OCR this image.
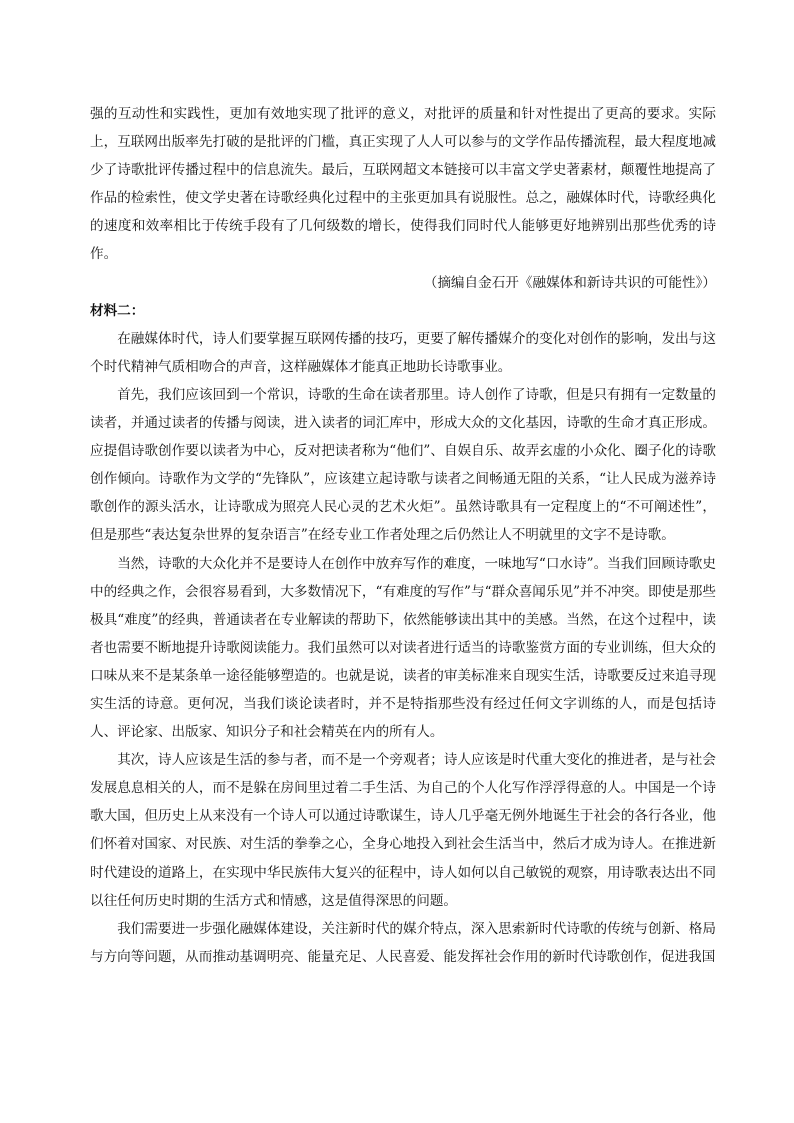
强的互动性和实践性，更加有效地实现了批评的意义，对批评的质量和针对性提出了更高的要求。实际上，互联网出版率先打破的是批评的门槛，真正实现了人人可以参与的文学作品传播流程，最大程度地减少了诗歌批评传播过程中的信息流失。最后，互联网超文本链接可以丰富文学史著素材，颠覆性地提高了作品的检索性，使文学史著在诗歌经典化过程中的主张更加具有说服性。总之，融媒体时代，诗歌经典化的速度和效率相比于传统手段有了几何级数的增长，使得我们同时代人能够更好地辨别出那些优秀的诗作。

（摘编自金石开《融媒体和新诗共识的可能性》）

材料二：

在融媒体时代，诗人们要掌握互联网传播的技巧，更要了解传播媒介的变化对创作的影响，发出与这个时代精神气质相吻合的声音，这样融媒体才能真正地助长诗歌事业。

首先，我们应该回到一个常识，诗歌的生命在读者那里。诗人创作了诗歌，但是只有拥有一定数量的读者，并通过读者的传播与阅读，进入读者的词汇库中，形成大众的文化基因，诗歌的生命才真正形成。应提倡诗歌创作要以读者为中心，反对把读者称为“他们”、自娱自乐、故弄玄虚的小众化、圈子化的诗歌创作倾向。诗歌作为文学的“先锋队”，应该建立起诗歌与读者之间畅通无阻的关系，“让人民成为滋养诗歌创作的源头活水，让诗歌成为照亮人民心灵的艺术火炬”。虽然诗歌具有一定程度上的“不可阐述性”，但是那些“表达复杂世界的复杂语言”在经专业工作者处理之后仍然让人不明就里的文字不是诗歌。

当然，诗歌的大众化并不是要诗人在创作中放弃写作的难度，一味地写“口水诗”。当我们回顾诗歌史中的经典之作，会很容易看到，大多数情况下，“有难度的写作”与“群众喜闻乐见”并不冲突。即使是那些极具“难度”的经典，普通读者在专业解读的帮助下，依然能够读出其中的美感。当然，在这个过程中，读者也需要不断地提升诗歌阅读能力。我们虽然可以对读者进行适当的诗歌鉴赏方面的专业训练，但大众的口味从来不是某条单一途径能够塑造的。也就是说，读者的审美标准来自现实生活，诗歌要反过来追寻现实生活的诗意。更何况，当我们谈论读者时，并不是特指那些没有经过任何文字训练的人，而是包括诗人、评论家、出版家、知识分子和社会精英在内的所有人。

其次，诗人应该是生活的参与者，而不是一个旁观者；诗人应该是时代重大变化的推进者，是与社会发展息息相关的人，而不是躲在房间里过着二手生活、为自己的个人化写作浮浮得意的人。中国是一个诗歌大国，但历史上从来没有一个诗人可以通过诗歌谋生，诗人几乎毫无例外地诞生于社会的各行各业，他们怀着对国家、对民族、对生活的拳拳之心，全身心地投入到社会生活当中，然后才成为诗人。在推进新时代建设的道路上，在实现中华民族伟大复兴的征程中，诗人如何以自己敏锐的观察，用诗歌表达出不同以往任何历史时期的生活方式和情感，这是值得深思的问题。

我们需要进一步强化融媒体建设，关注新时代的媒介特点，深入思索新时代诗歌的传统与创新、格局与方向等问题，从而推动基调明亮、能量充足、人民喜爱、能发挥社会作用的新时代诗歌创作，促进我国
